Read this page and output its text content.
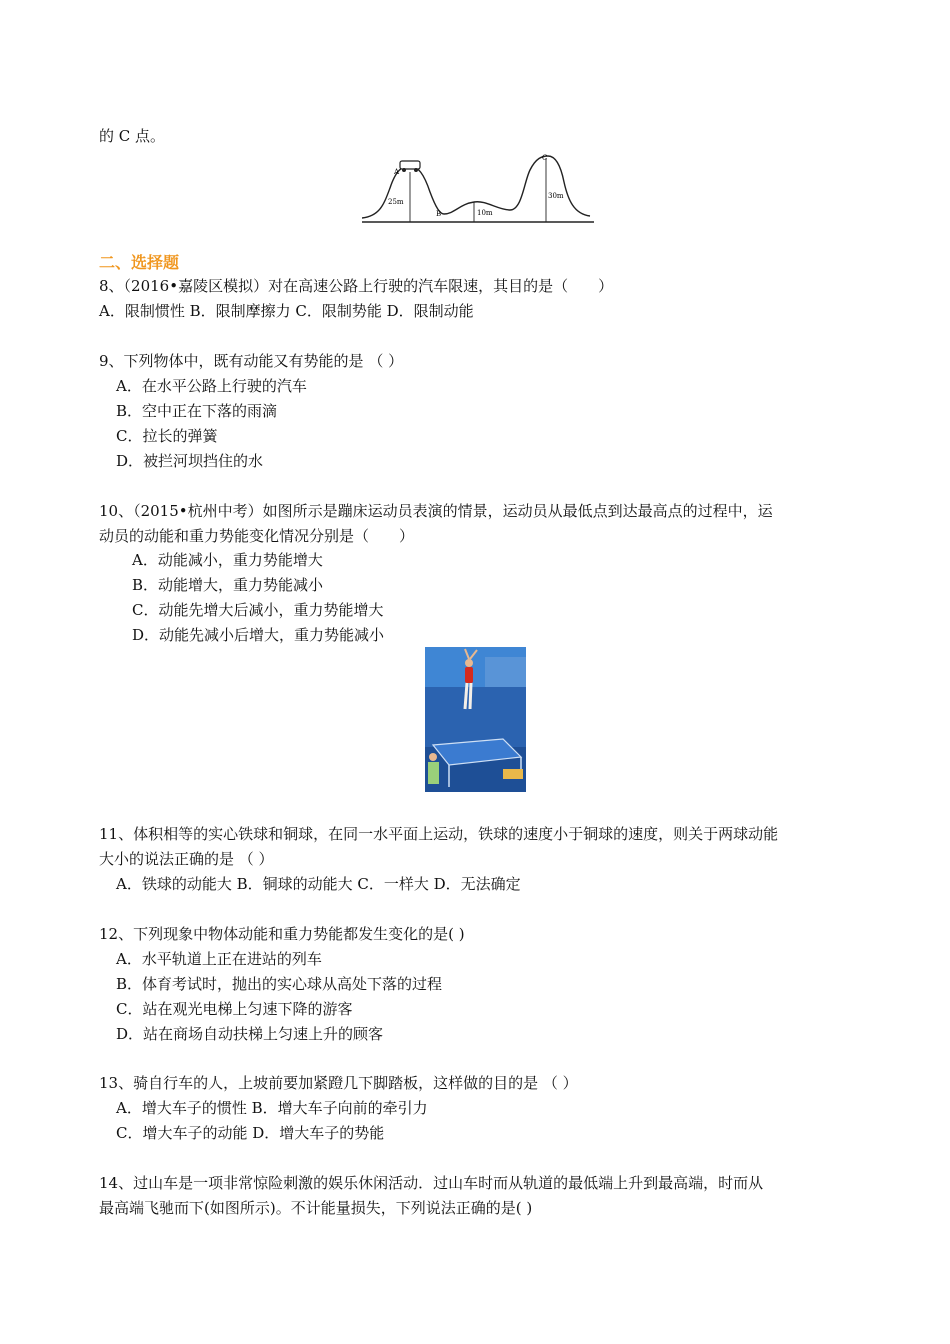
的 C 点。
A
B
C
25m
10m
30m
二、选择题
8、（2016•嘉陵区模拟）对在高速公路上行驶的汽车限速，其目的是（　　）
A．限制惯性 B．限制摩擦力 C．限制势能 D．限制动能
9、下列物体中，既有动能又有势能的是 （ ）
A．在水平公路上行驶的汽车
B．空中正在下落的雨滴
C．拉长的弹簧
D．被拦河坝挡住的水
10、（2015•杭州中考）如图所示是蹦床运动员表演的情景，运动员从最低点到达最高点的过程中，运
动员的动能和重力势能变化情况分别是（　　）
A．动能减小，重力势能增大
B．动能增大，重力势能减小
C．动能先增大后减小，重力势能增大
D．动能先减小后增大，重力势能减小
11、体积相等的实心铁球和铜球，在同一水平面上运动，铁球的速度小于铜球的速度，则关于两球动能
大小的说法正确的是 （ ）
A．铁球的动能大 B．铜球的动能大 C．一样大 D．无法确定
12、下列现象中物体动能和重力势能都发生变化的是( )
A．水平轨道上正在进站的列车
B．体育考试时，抛出的实心球从高处下落的过程
C．站在观光电梯上匀速下降的游客
D．站在商场自动扶梯上匀速上升的顾客
13、骑自行车的人，上坡前要加紧蹬几下脚踏板，这样做的目的是 （ ）
A．增大车子的惯性 B．增大车子向前的牵引力
C．增大车子的动能 D．增大车子的势能
14、过山车是一项非常惊险刺激的娱乐休闲活动．过山车时而从轨道的最低端上升到最高端，时而从
最高端飞驰而下(如图所示)。不计能量损失，下列说法正确的是( )
